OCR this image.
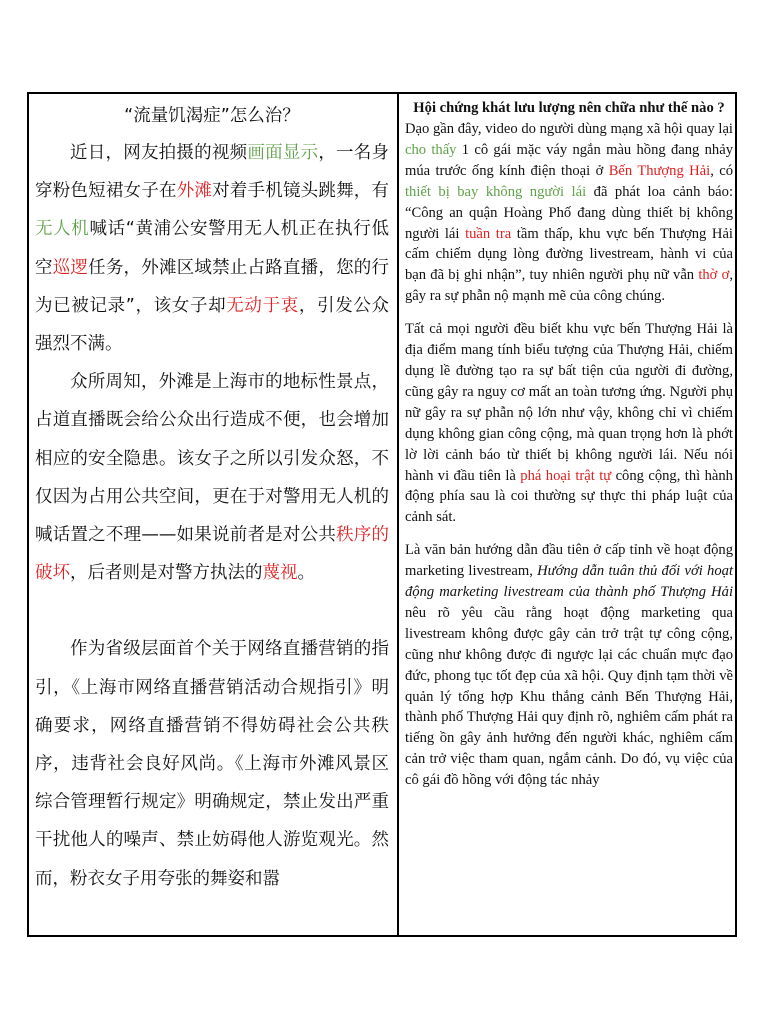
“流量饥渴症”怎么治？

近日，网友拍摄的视频画面显示，一名身穿粉色短裙女子在外滩对着手机镜头跳舞，有无人机喊话“黄浦公安警用无人机正在执行低空巡逻任务，外滩区域禁止占路直播，您的行为已被记录”，该女子却无动于衷，引发公众强烈不满。

众所周知，外滩是上海市的地标性景点，占道直播既会给公众出行造成不便，也会增加相应的安全隐患。该女子之所以引发众怒，不仅因为占用公共空间，更在于对警用无人机的喊话置之不理——如果说前者是对公共秩序的破坏，后者则是对警方执法的蔑视。

作为省级层面首个关于网络直播营销的指引，《上海市网络直播营销活动合规指引》明确要求，网络直播营销不得妨碍社会公共秩序，违背社会良好风尚。《上海市外滩风景区综合管理暂行规定》明确规定，禁止发出严重干扰他人的噪声、禁止妨碍他人游览观光。然而，粉衣女子用夸张的舞姿和嚣

Hội chứng khát lưu lượng nên chữa như thế nào ?

Dạo gần đây, video do người dùng mạng xã hội quay lại cho thấy 1 cô gái mặc váy ngắn màu hồng đang nhảy múa trước ống kính điện thoại ở Bến Thượng Hải, có thiết bị bay không người lái đã phát loa cảnh báo: “Công an quận Hoàng Phố đang dùng thiết bị không người lái tuần tra tầm thấp, khu vực bến Thượng Hải cấm chiếm dụng lòng đường livestream, hành vi của bạn đã bị ghi nhận”, tuy nhiên người phụ nữ vẫn thờ ơ, gây ra sự phẫn nộ mạnh mẽ của công chúng.

Tất cả mọi người đều biết khu vực bến Thượng Hải là địa điểm mang tính biểu tượng của Thượng Hải, chiếm dụng lề đường tạo ra sự bất tiện của người đi đường, cũng gây ra nguy cơ mất an toàn tương ứng. Người phụ nữ gây ra sự phẫn nộ lớn như vậy, không chỉ vì chiếm dụng không gian công cộng, mà quan trọng hơn là phớt lờ lời cảnh báo từ thiết bị không người lái. Nếu nói hành vi đầu tiên là phá hoại trật tự công cộng, thì hành động phía sau là coi thường sự thực thi pháp luật của cảnh sát.

Là văn bản hướng dẫn đầu tiên ở cấp tỉnh về hoạt động marketing livestream, Hướng dẫn tuân thủ đối với hoạt động marketing livestream của thành phố Thượng Hải nêu rõ yêu cầu rằng hoạt động marketing qua livestream không được gây cản trở trật tự công cộng, cũng như không được đi ngược lại các chuẩn mực đạo đức, phong tục tốt đẹp của xã hội. Quy định tạm thời về quản lý tổng hợp Khu thắng cảnh Bến Thượng Hải, thành phố Thượng Hải quy định rõ, nghiêm cấm phát ra tiếng ồn gây ảnh hưởng đến người khác, nghiêm cấm cản trở việc tham quan, ngắm cảnh. Do đó, vụ việc của cô gái đồ hồng với động tác nhảy
